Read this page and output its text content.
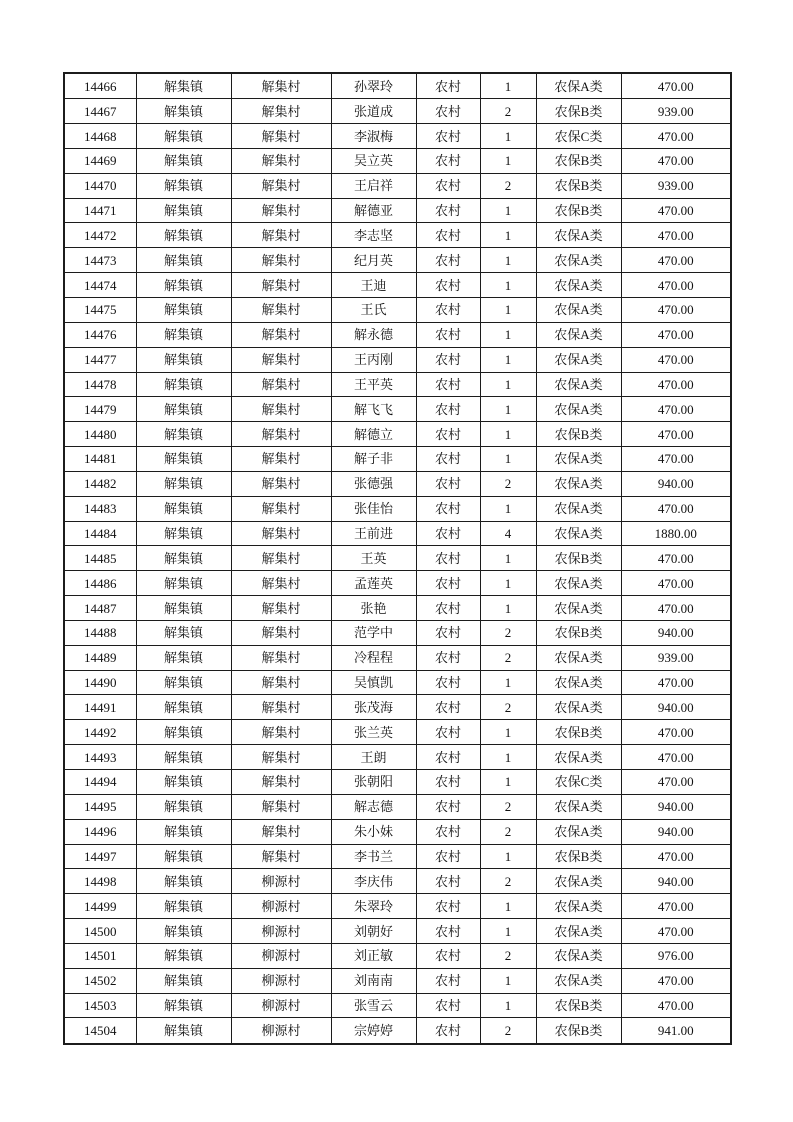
14466	解集镇	解集村	孙翠玲	农村	1	农保A类	470.00
14467	解集镇	解集村	张道成	农村	2	农保B类	939.00
14468	解集镇	解集村	李淑梅	农村	1	农保C类	470.00
14469	解集镇	解集村	吴立英	农村	1	农保B类	470.00
14470	解集镇	解集村	王启祥	农村	2	农保B类	939.00
14471	解集镇	解集村	解德亚	农村	1	农保B类	470.00
14472	解集镇	解集村	李志坚	农村	1	农保A类	470.00
14473	解集镇	解集村	纪月英	农村	1	农保A类	470.00
14474	解集镇	解集村	王迪	农村	1	农保A类	470.00
14475	解集镇	解集村	王氏	农村	1	农保A类	470.00
14476	解集镇	解集村	解永德	农村	1	农保A类	470.00
14477	解集镇	解集村	王丙刚	农村	1	农保A类	470.00
14478	解集镇	解集村	王平英	农村	1	农保A类	470.00
14479	解集镇	解集村	解飞飞	农村	1	农保A类	470.00
14480	解集镇	解集村	解德立	农村	1	农保B类	470.00
14481	解集镇	解集村	解子非	农村	1	农保A类	470.00
14482	解集镇	解集村	张德强	农村	2	农保A类	940.00
14483	解集镇	解集村	张佳怡	农村	1	农保A类	470.00
14484	解集镇	解集村	王前进	农村	4	农保A类	1880.00
14485	解集镇	解集村	王英	农村	1	农保B类	470.00
14486	解集镇	解集村	孟莲英	农村	1	农保A类	470.00
14487	解集镇	解集村	张艳	农村	1	农保A类	470.00
14488	解集镇	解集村	范学中	农村	2	农保B类	940.00
14489	解集镇	解集村	冷程程	农村	2	农保A类	939.00
14490	解集镇	解集村	吴慎凯	农村	1	农保A类	470.00
14491	解集镇	解集村	张茂海	农村	2	农保A类	940.00
14492	解集镇	解集村	张兰英	农村	1	农保B类	470.00
14493	解集镇	解集村	王朗	农村	1	农保A类	470.00
14494	解集镇	解集村	张朝阳	农村	1	农保C类	470.00
14495	解集镇	解集村	解志德	农村	2	农保A类	940.00
14496	解集镇	解集村	朱小妹	农村	2	农保A类	940.00
14497	解集镇	解集村	李书兰	农村	1	农保B类	470.00
14498	解集镇	柳源村	李庆伟	农村	2	农保A类	940.00
14499	解集镇	柳源村	朱翠玲	农村	1	农保A类	470.00
14500	解集镇	柳源村	刘朝好	农村	1	农保A类	470.00
14501	解集镇	柳源村	刘正敏	农村	2	农保A类	976.00
14502	解集镇	柳源村	刘南南	农村	1	农保A类	470.00
14503	解集镇	柳源村	张雪云	农村	1	农保B类	470.00
14504	解集镇	柳源村	宗婷婷	农村	2	农保B类	941.00
